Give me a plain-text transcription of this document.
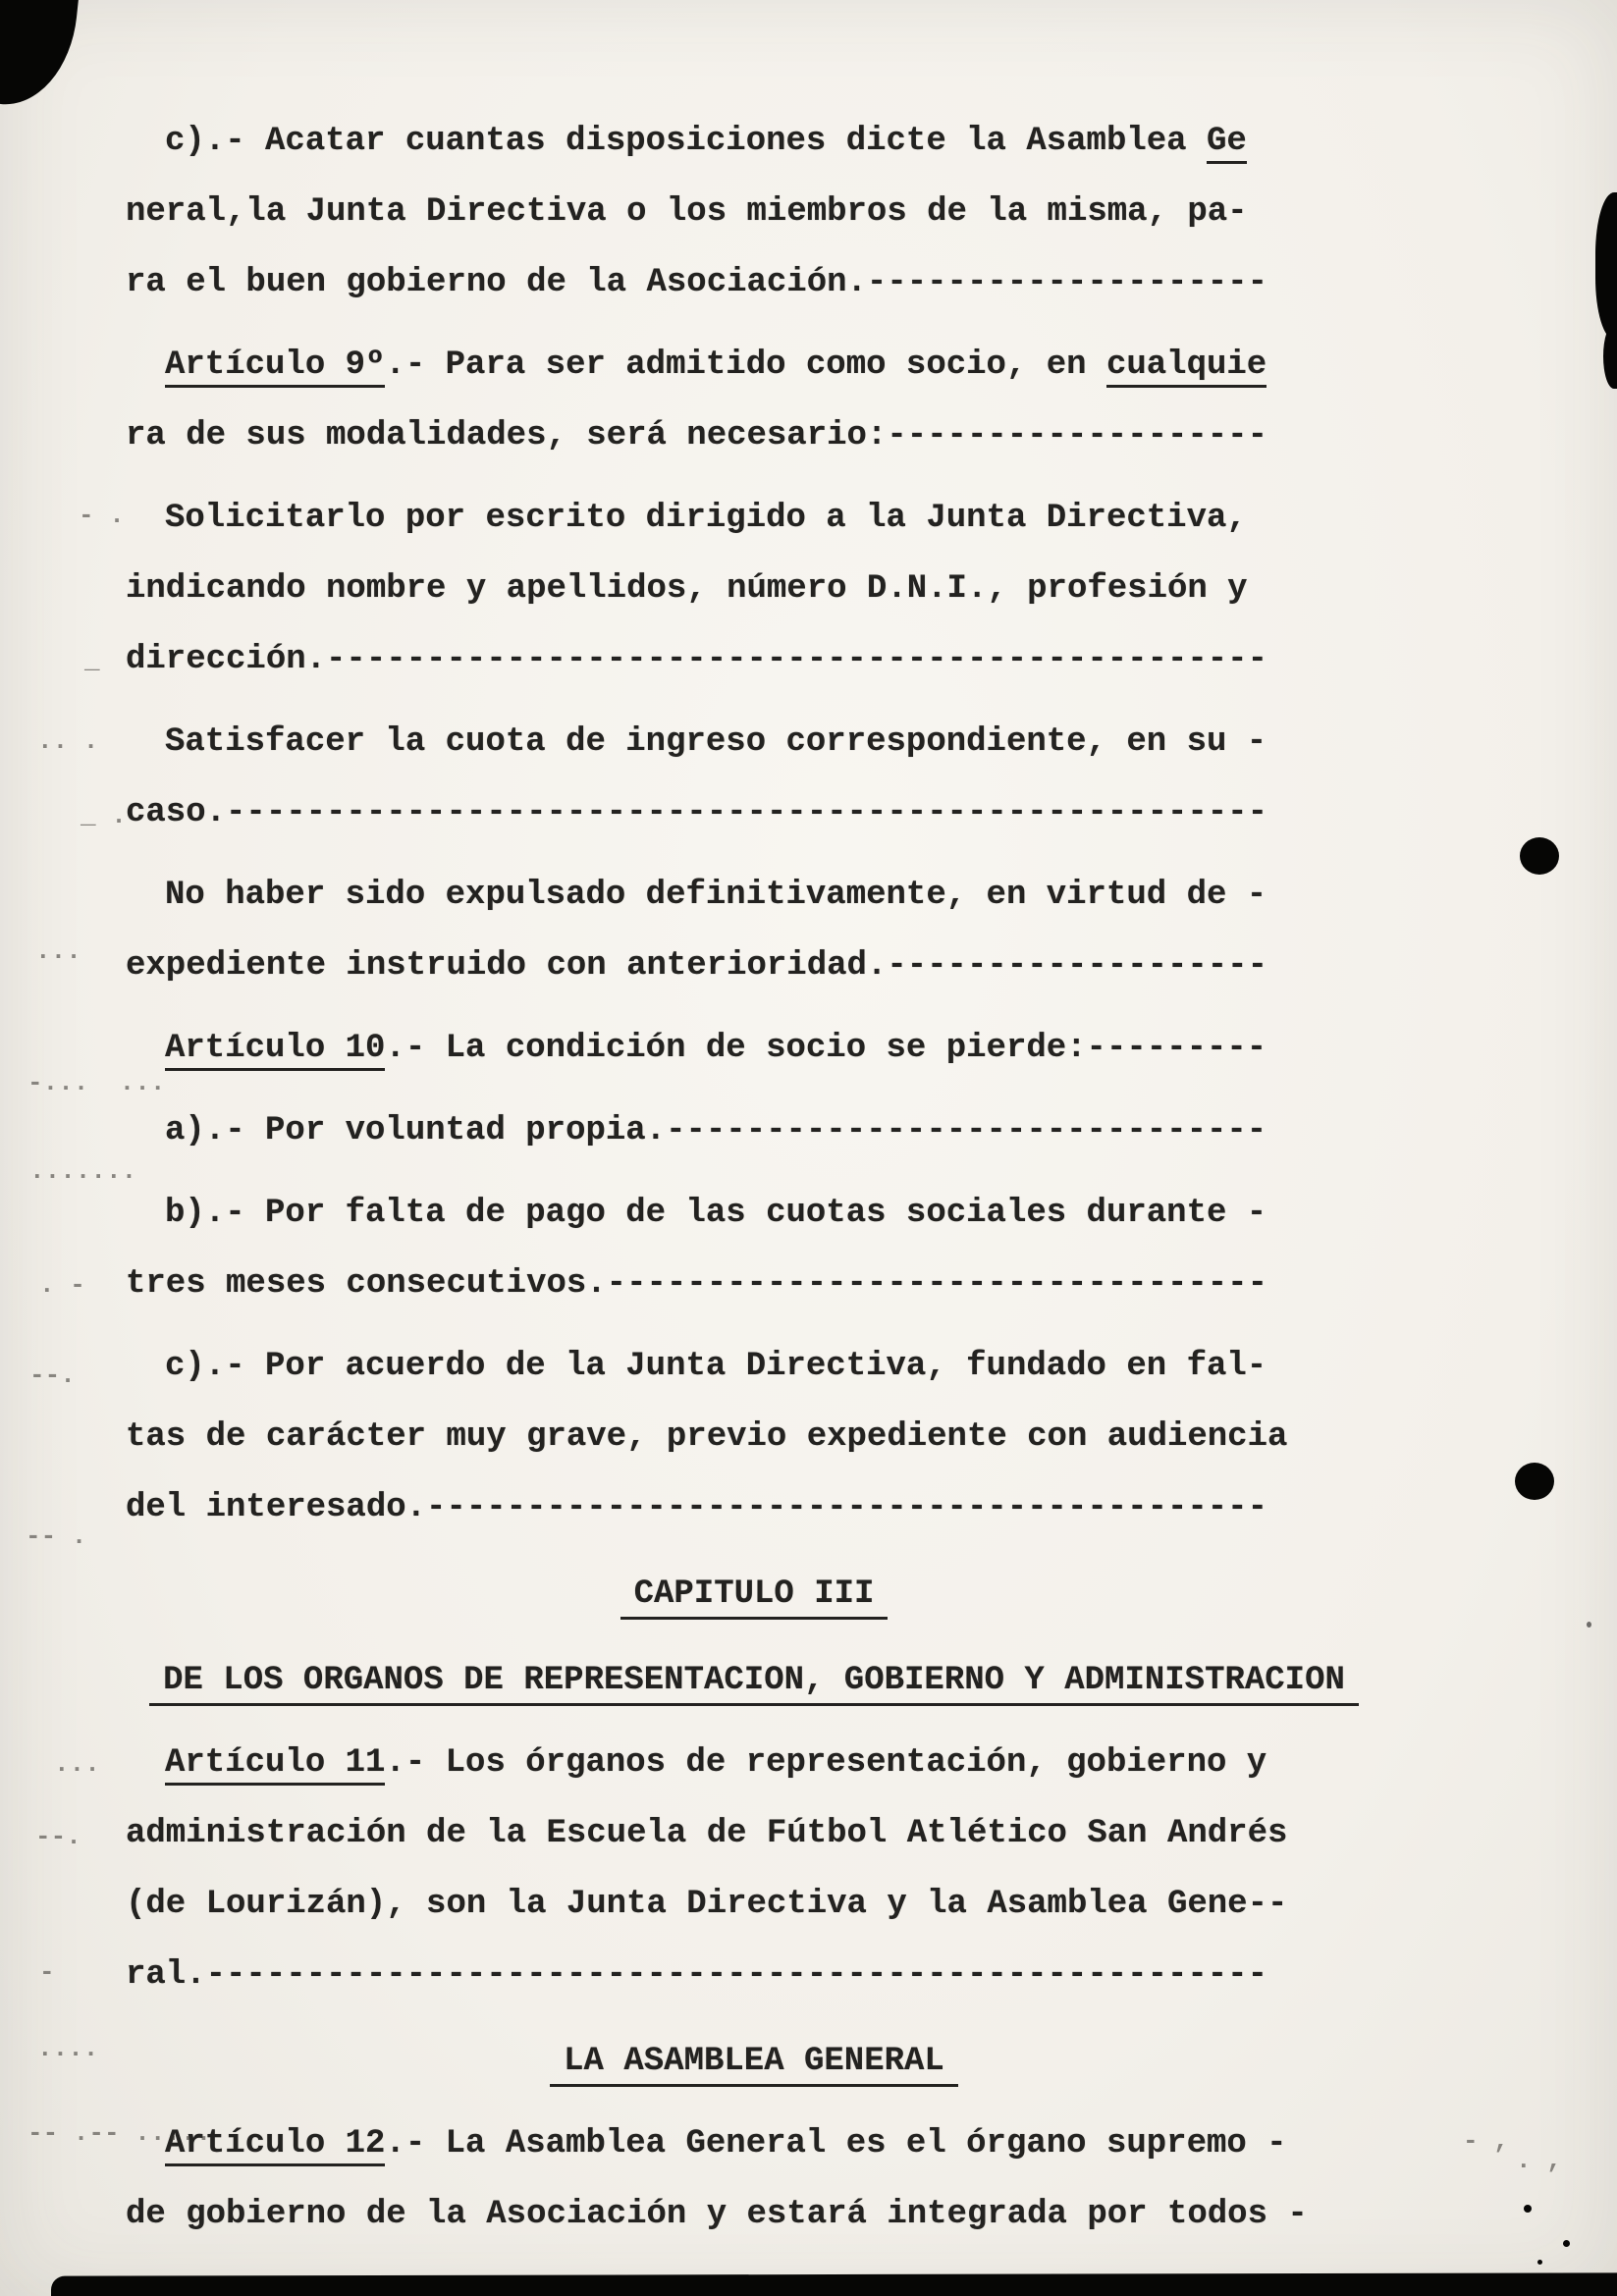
c).- Acatar cuantas disposiciones dicte la Asamblea Ge
neral,la Junta Directiva o los miembros de la misma, pa-
ra el buen gobierno de la Asociación.--------------------
Artículo 9º.- Para ser admitido como socio, en cualquie
ra de sus modalidades, será necesario:-------------------
Solicitarlo por escrito dirigido a la Junta Directiva,
indicando nombre y apellidos, número D.N.I., profesión y
dirección.-----------------------------------------------
Satisfacer la cuota de ingreso correspondiente, en su -
caso.----------------------------------------------------
No haber sido expulsado definitivamente, en virtud de -
expediente instruido con anterioridad.-------------------
Artículo 10.- La condición de socio se pierde:---------
a).- Por voluntad propia.------------------------------
b).- Por falta de pago de las cuotas sociales durante -
tres meses consecutivos.---------------------------------
c).- Por acuerdo de la Junta Directiva, fundado en fal-
tas de carácter muy grave, previo expediente con audiencia
del interesado.------------------------------------------
CAPITULO III
DE LOS ORGANOS DE REPRESENTACION, GOBIERNO Y ADMINISTRACION
Artículo 11.- Los órganos de representación, gobierno y
administración de la Escuela de Fútbol Atlético San Andrés
(de Lourizán), son la Junta Directiva y la Asamblea Gene--
ral.-----------------------------------------------------
LA ASAMBLEA GENERAL
Artículo 12.- La Asamblea General es el órgano supremo -
de gobierno de la Asociación y estará integrada por todos -
- .
_
.. .
_ .
...
-...  ...
.......
. -
--.
-- .
...
--.
-
....
-- .-- .....	- ,
. ,
